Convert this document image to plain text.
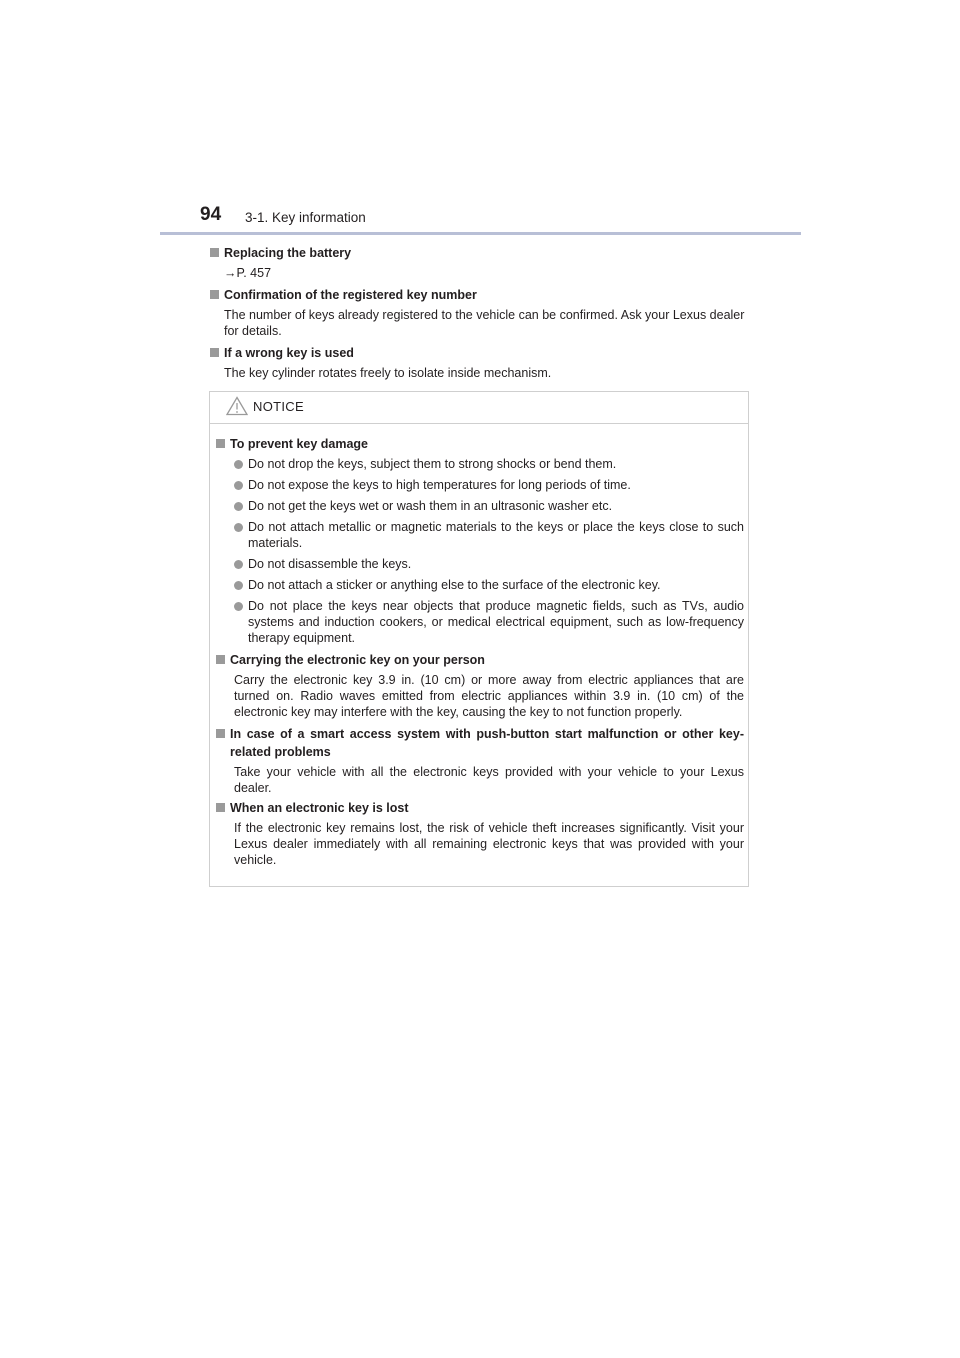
94 3-1. Key information
Replacing the battery
→P. 457
Confirmation of the registered key number
The number of keys already registered to the vehicle can be confirmed. Ask your Lexus dealer for details.
If a wrong key is used
The key cylinder rotates freely to isolate inside mechanism.
NOTICE
To prevent key damage
Do not drop the keys, subject them to strong shocks or bend them.
Do not expose the keys to high temperatures for long periods of time.
Do not get the keys wet or wash them in an ultrasonic washer etc.
Do not attach metallic or magnetic materials to the keys or place the keys close to such materials.
Do not disassemble the keys.
Do not attach a sticker or anything else to the surface of the electronic key.
Do not place the keys near objects that produce magnetic fields, such as TVs, audio systems and induction cookers, or medical electrical equipment, such as low-frequency therapy equipment.
Carrying the electronic key on your person
Carry the electronic key 3.9 in. (10 cm) or more away from electric appliances that are turned on. Radio waves emitted from electric appliances within 3.9 in. (10 cm) of the electronic key may interfere with the key, causing the key to not function properly.
In case of a smart access system with push-button start malfunction or other key-related problems
Take your vehicle with all the electronic keys provided with your vehicle to your Lexus dealer.
When an electronic key is lost
If the electronic key remains lost, the risk of vehicle theft increases significantly. Visit your Lexus dealer immediately with all remaining electronic keys that was provided with your vehicle.
